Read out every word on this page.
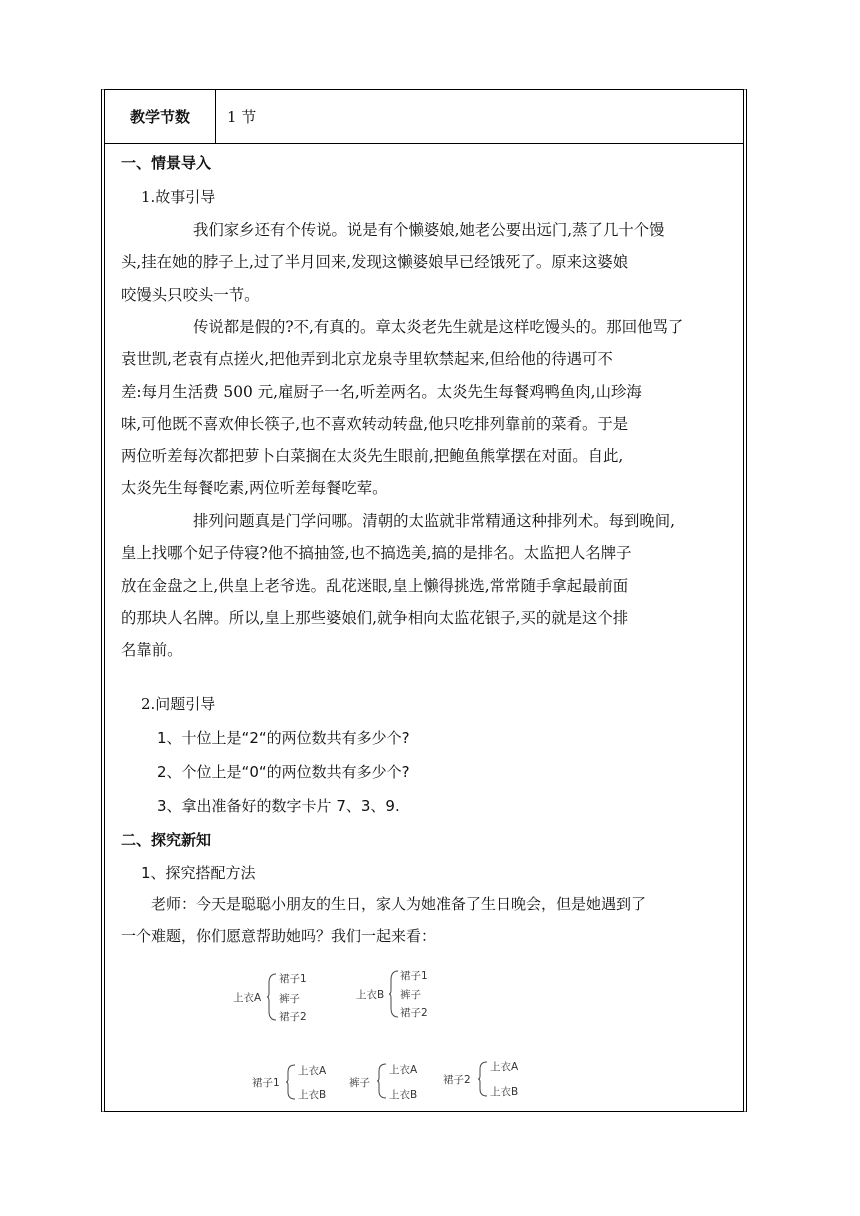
教学节数	1 节
一、情景导入
1.故事引导
我们家乡还有个传说。说是有个懒婆娘,她老公要出远门,蒸了几十个馒
头,挂在她的脖子上,过了半月回来,发现这懒婆娘早已经饿死了。原来这婆娘
咬馒头只咬头一节。
传说都是假的?不,有真的。章太炎老先生就是这样吃馒头的。那回他骂了
袁世凯,老袁有点搓火,把他弄到北京龙泉寺里软禁起来,但给他的待遇可不
差:每月生活费 500 元,雇厨子一名,听差两名。太炎先生每餐鸡鸭鱼肉,山珍海
味,可他既不喜欢伸长筷子,也不喜欢转动转盘,他只吃排列靠前的菜肴。于是
两位听差每次都把萝卜白菜搁在太炎先生眼前,把鲍鱼熊掌摆在对面。自此,
太炎先生每餐吃素,两位听差每餐吃荤。
排列问题真是门学问哪。清朝的太监就非常精通这种排列术。每到晚间,
皇上找哪个妃子侍寝?他不搞抽签,也不搞选美,搞的是排名。太监把人名牌子
放在金盘之上,供皇上老爷选。乱花迷眼,皇上懒得挑选,常常随手拿起最前面
的那块人名牌。所以,皇上那些婆娘们,就争相向太监花银子,买的就是这个排
名靠前。
2.问题引导
1、十位上是“2“的两位数共有多少个?
2、个位上是“0“的两位数共有多少个?
3、拿出准备好的数字卡片 7、3、9.
二、探究新知
1、探究搭配方法
老师：今天是聪聪小朋友的生日，家人为她准备了生日晚会，但是她遇到了
一个难题，你们愿意帮助她吗？我们一起来看：
上衣A
裙子1
裤子
裙子2
上衣B
裙子1
裤子
裙子2
裙子1
上衣A
上衣B
裤子
上衣A
上衣B
裙子2
上衣A
上衣B
